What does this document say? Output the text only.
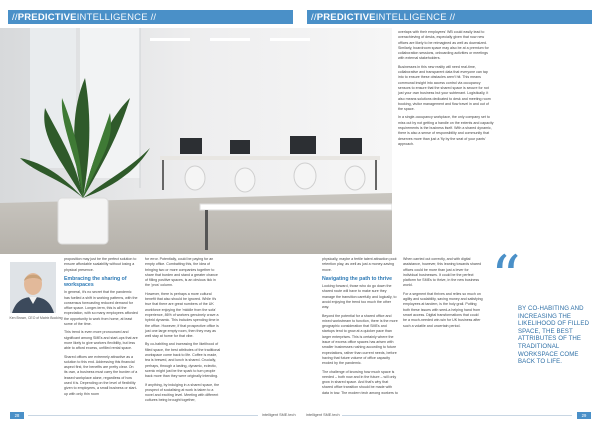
// PREDICTIVE INTELLIGENCE //	// PREDICTIVE INTELLIGENCE //

overlaps with their employees' WB could easily lead to overachieving of desks, especially given that now new offices are likely to be reimagined as well as downsized. Similarly, boardroom space may also be at a premium for collaboration sessions, onboarding activities or meetings with external stakeholders.

Businesses in this new reality will need real-time, collaborative and transparent data that everyone can tap into to ensure these obstacles aren't hit. This means communal insight into access control via occupancy sensors to ensure that the shared space is secure for not just your own business but your subtenant. Logistically, it also means solutions dedicated to desk and meeting room booking, visitor management and flow travel in and out of the space.

In a single-occupancy workplace, the only company set to miss out by not getting a handle on the extents and capacity requirements is the business itself. With a shared dynamic, there is also a sense of responsibility and community that deserves more than just a 'fly by the seat of your pants' approach.

Ken Brown, CEO of Matrix Booking

proposition may just be the perfect solution to ensure affordable scalability without losing a physical presence.

Embracing the sharing of workspaces

In general, it's no secret that the pandemic has fuelled a shift in working patterns, with the consensus forecasting reduced demand for office space. Longer-term, this is all the expectation, with so many employees afforded the opportunity to work from home, at least some of the time.

This trend is even more pronounced and significant among SMEs and start-ups that are more likely to give workers flexibility, but less able to afford excess, unfilled rental space.

Shared offices are extremely attractive as a solution to this end. Addressing this financial aspect first, the benefits are pretty clear. On its own, a business must carry the burden of a leased workplace alone, regardless of how used it is. Depending on the level of flexibility given to employees, a small business or start-up with only thin room

for error. Potentially, could be paying for an empty office. Combatting this, the idea of bringing two or more companies together to share that burden and stand a greater chance of filling positive spaces, is an obvious tick in the 'pros' column.

However, there is perhaps a more cultural benefit that also should be ignored. While it's true that there are great numbers of the UK workforce enjoying the 'middle from the sofa' experience, 86% of workers genuinely crave a hybrid dynamic. This includes spending time in the office. However, if that prospective office is just one large empty room, then they may as well stay at home for that vibe.

By co-habiting and increasing the likelihood of filled space, the best attributes of the traditional workspace come back to life. Coffee is made, tea is brewed, and lunch is shared. Crucially, perhaps, through a lasting, dynamic, eclectic, scenic might just be the spark to turn people back more than they were originally intending.

If anything, by indulging in a shared space, the prospect of socialising at work is taken to a novel and exciting level. Meeting with different cultures being brought together,

physically, maybe a fertile talent attraction pool: retention play, as well as just a money-saving move.

Navigating the path to thrive

Looking forward, those who do go down the shared route will have to make sure they manage the transition carefully and logically, to avoid enjoying the trend too much the other way.

Beyond the potential for a shared office and mixed workstream to function, there is the more geographic consideration that SMEs and startups tend to grow at a quicker pace than larger enterprises. This is certainly where the issue of excess office spaces has arisen with smaller businesses rushing according to future expectations, rather than current needs, before having that future volume of office capacity eroded by the pandemic.

The challenge of knowing how much space is needed – both now and in the future – will only grow in shared space. And that's why that shared office transition should be made with data in tow. The modern tech among workers to

When carried out correctly, and with digital assistance, however, this leaning towards shared offices could be more than just a lever for individual businesses. It could be the perfect platform for SMEs to thrive, in the new business world.

For a segment that thrives and relies so much on agility and scalability, saving money and satisfying employees at tandem, is the holy grail. Putting both these issues with seed-a helping hand from smart access. Digital transformations that could be a much-needed win-win for UK business after such a volatile and uncertain period.

“
BY CO-HABITING AND INCREASING THE LIKELIHOOD OF FILLED SPACE, THE BEST ATTRIBUTES OF THE TRADITIONAL WORKSPACE COME BACK TO LIFE.
28	29
intelligent SME.tech	intelligent SME.tech
